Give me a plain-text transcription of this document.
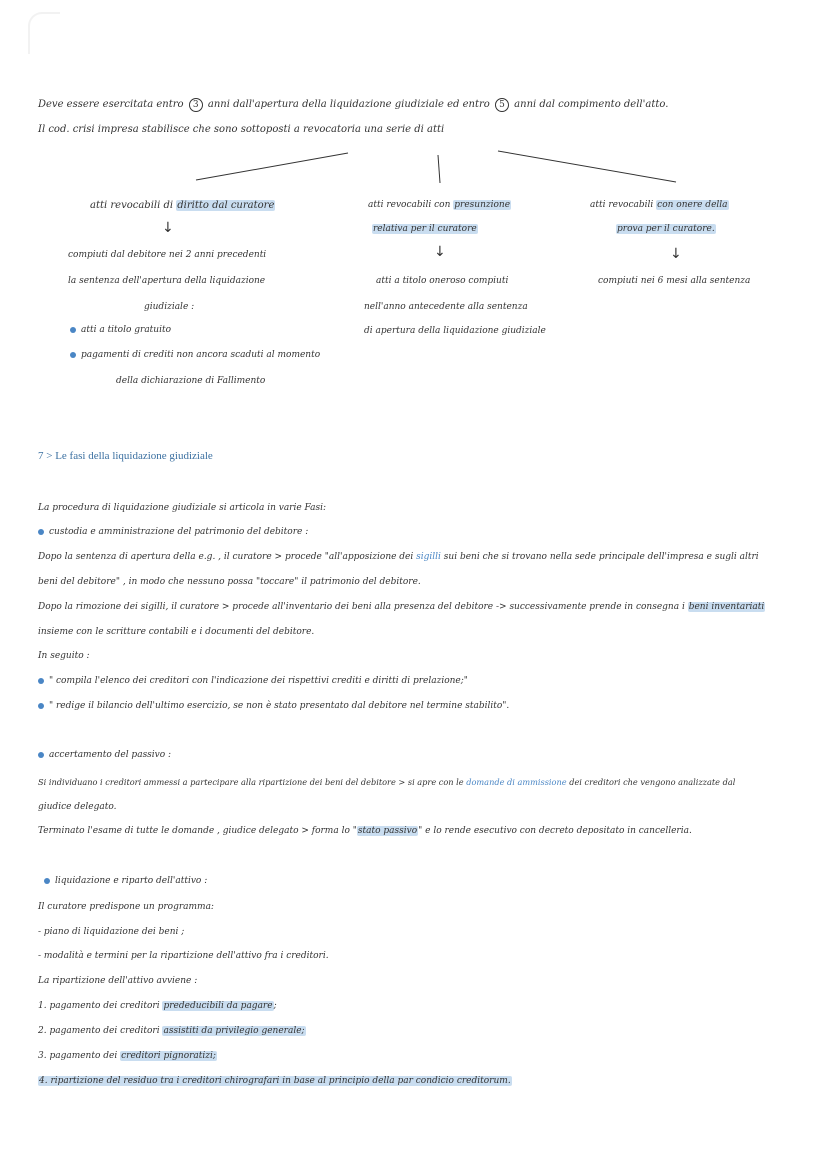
Deve essere esercitata entro 3 anni dall'apertura della liquidazione giudiziale ed entro 5 anni dal compimento dell'atto.
Il cod. crisi impresa stabilisce che sono sottoposti a revocatoria una serie di atti
atti revocabili di diritto dal curatore
↓
compiuti dal debitore nei 2 anni precedenti
la sentenza dell'apertura della liquidazione
giudiziale :
atti a titolo gratuito
pagamenti di crediti non ancora scaduti al momento
della dichiarazione di Fallimento
atti revocabili con presunzione
relativa per il curatore
↓
atti a titolo oneroso compiuti
nell'anno antecedente alla sentenza
di apertura della liquidazione giudiziale
atti revocabili con onere della
prova per il curatore.
↓
compiuti nei 6 mesi alla sentenza
7 > Le fasi della liquidazione giudiziale
La procedura di liquidazione giudiziale si articola in varie Fasi:
custodia e amministrazione del patrimonio del debitore :
Dopo la sentenza di apertura della e.g. , il curatore > procede "all'apposizione dei sigilli sui beni che si trovano nella sede principale dell'impresa e sugli altri
beni del debitore" , in modo che nessuno possa "toccare" il patrimonio del debitore.
Dopo la rimozione dei sigilli, il curatore > procede all'inventario dei beni alla presenza del debitore -> successivamente prende in consegna i beni inventariati
insieme con le scritture contabili e i documenti del debitore.
In seguito :
" compila l'elenco dei creditori con l'indicazione dei rispettivi crediti e diritti di prelazione;"
" redige il bilancio dell'ultimo esercizio, se non è stato presentato dal debitore nel termine stabilito".
accertamento del passivo :
Si individuano i creditori ammessi a partecipare alla ripartizione dei beni del debitore > si apre con le domande di ammissione dei creditori che vengono analizzate dal
giudice delegato.
Terminato l'esame di tutte le domande , giudice delegato > forma lo "stato passivo" e lo rende esecutivo con decreto depositato in cancelleria.
liquidazione e riparto dell'attivo :
Il curatore predispone un programma:
- piano di liquidazione dei beni ;
- modalità e termini per la ripartizione dell'attivo fra i creditori.
La ripartizione dell'attivo avviene :
1. pagamento dei creditori prededucibili da pagare;
2. pagamento dei creditori assistiti da privilegio generale;
3. pagamento dei creditori pignoratizi;
4. ripartizione del residuo tra i creditori chirografari in base al principio della par condicio creditorum.
